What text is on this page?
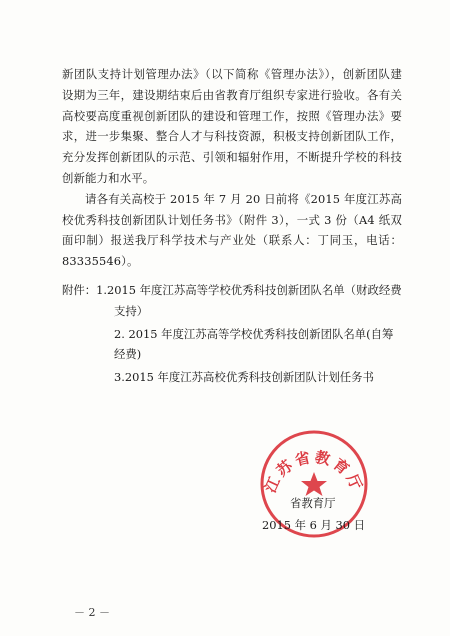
新团队支持计划管理办法》（以下简称《管理办法》），创新团队建设期为三年，建设期结束后由省教育厅组织专家进行验收。各有关高校要高度重视创新团队的建设和管理工作，按照《管理办法》要求，进一步集聚、整合人才与科技资源，积极支持创新团队工作，充分发挥创新团队的示范、引领和辐射作用，不断提升学校的科技创新能力和水平。

请各有关高校于 2015 年 7 月 20 日前将《2015 年度江苏高校优秀科技创新团队计划任务书》（附件 3），一式 3 份（A4 纸双面印制）报送我厅科学技术与产业处（联系人：丁同玉，电话：83335546）。

附件：1.2015 年度江苏高等学校优秀科技创新团队名单（财政经费支持）

2. 2015 年度江苏高等学校优秀科技创新团队名单(自筹经费)

3.2015 年度江苏高校优秀科技创新团队计划任务书

江苏省教育厅
省教育厅
2015 年 6 月 30 日
－ 2 －
